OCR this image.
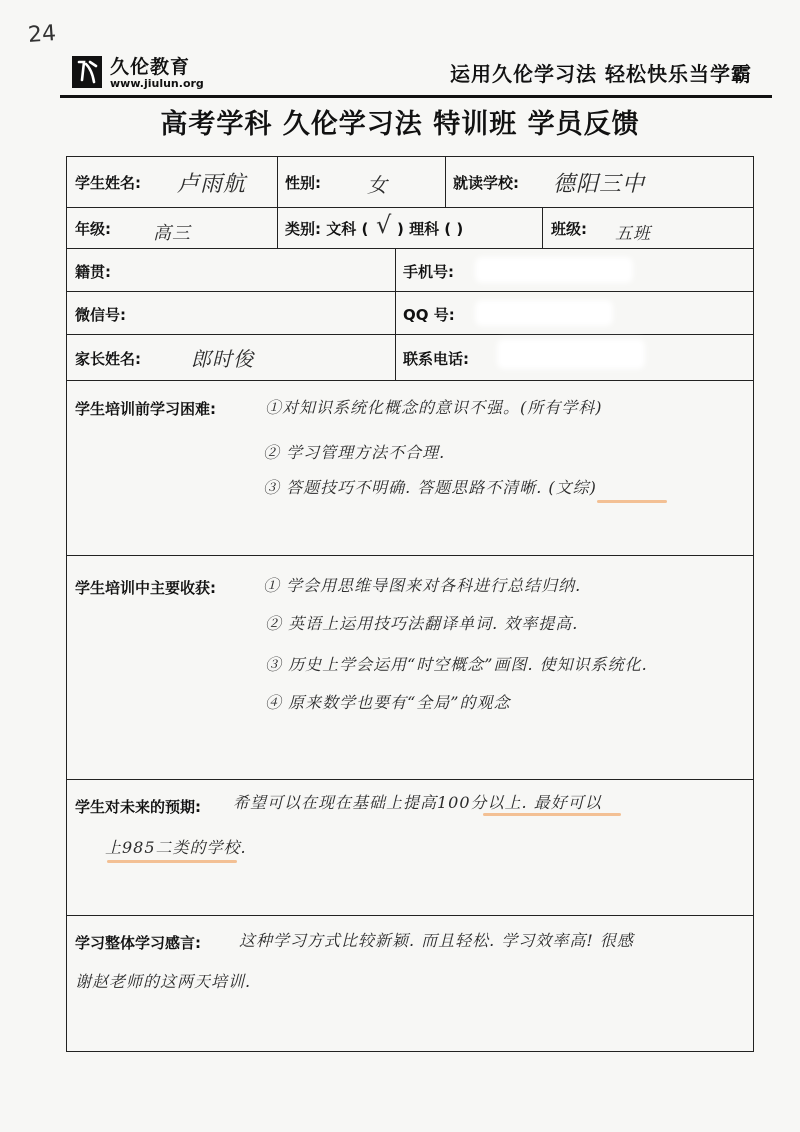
24
久伦教育
www.jiulun.org	运用久伦学习法 轻松快乐当学霸
高考学科 久伦学习法 特训班 学员反馈
学生姓名: 卢雨航	性别: 女	就读学校: 德阳三中
年级: 高三	类别: 文科 ( √ ) 理科 ( )	班级: 五班
籍贯:	手机号:
微信号:	QQ 号:
家长姓名:	郎时俊	联系电话:
学生培训前学习困难:	①对知识系统化概念的意识不强。(所有学科)
② 学习管理方法不合理.
③ 答题技巧不明确. 答题思路不清晰. (文综)
学生培训中主要收获:	① 学会用思维导图来对各科进行总结归纳.
② 英语上运用技巧法翻译单词. 效率提高.
③ 历史上学会运用“时空概念”画图. 使知识系统化.
④ 原来数学也要有“全局”的观念
学生对未来的预期: 希望可以在现在基础上提高100分以上. 最好可以
上985二类的学校.
学习整体学习感言: 这种学习方式比较新颖. 而且轻松. 学习效率高! 很感
谢赵老师的这两天培训.
